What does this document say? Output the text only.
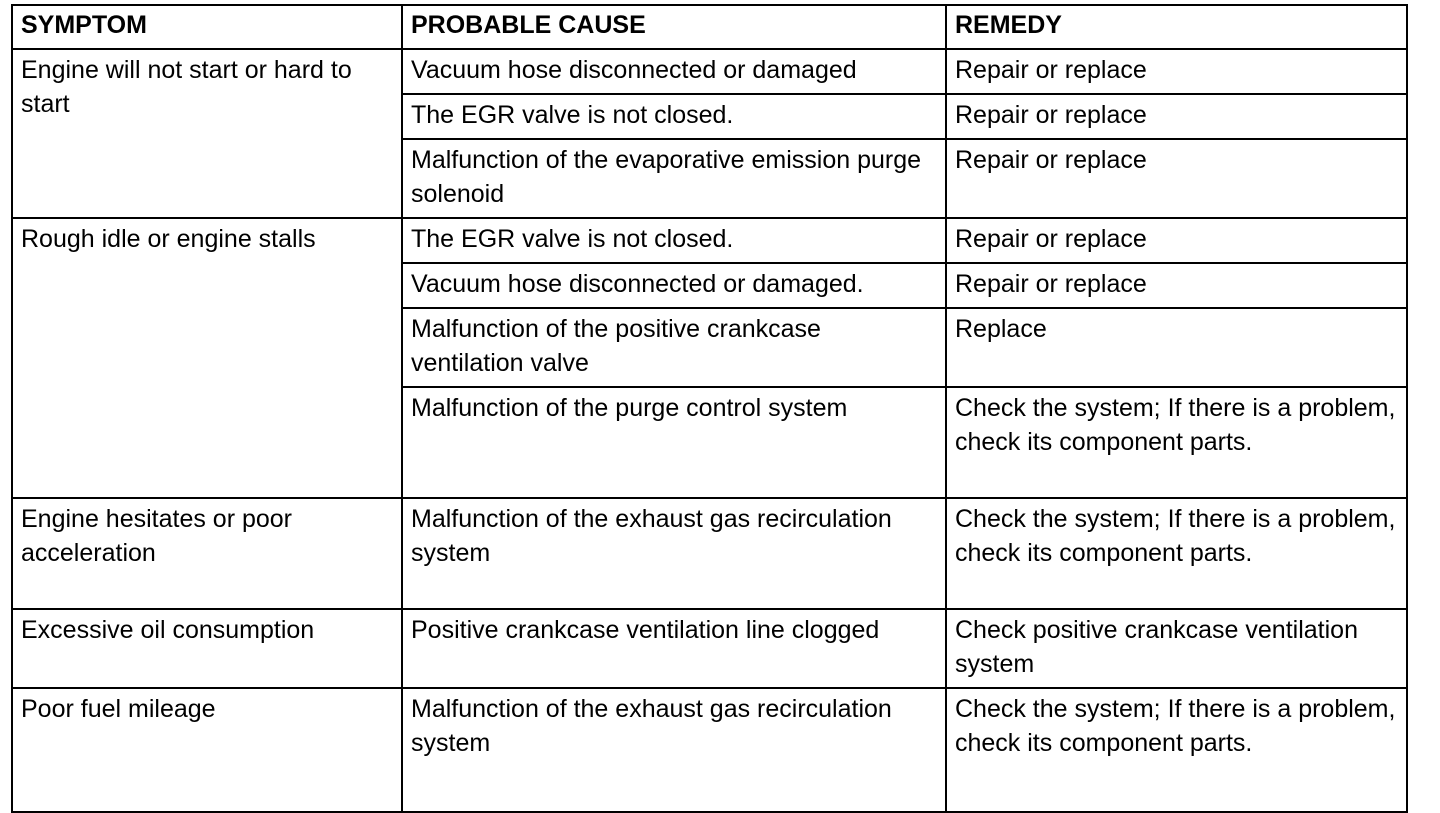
SYMPTOM	PROBABLE CAUSE	REMEDY
Engine will not start or hard to start	Vacuum hose disconnected or damaged	Repair or replace
	The EGR valve is not closed.	Repair or replace
	Malfunction of the evaporative emission purge solenoid	Repair or replace
Rough idle or engine stalls	The EGR valve is not closed.	Repair or replace
	Vacuum hose disconnected or damaged.	Repair or replace
	Malfunction of the positive crankcase ventilation valve	Replace
	Malfunction of the purge control system	Check the system; If there is a problem, check its component parts.
Engine hesitates or poor acceleration	Malfunction of the exhaust gas recirculation system	Check the system; If there is a problem, check its component parts.
Excessive oil consumption	Positive crankcase ventilation line clogged	Check positive crankcase ventilation system
Poor fuel mileage	Malfunction of the exhaust gas recirculation system	Check the system; If there is a problem, check its component parts.
